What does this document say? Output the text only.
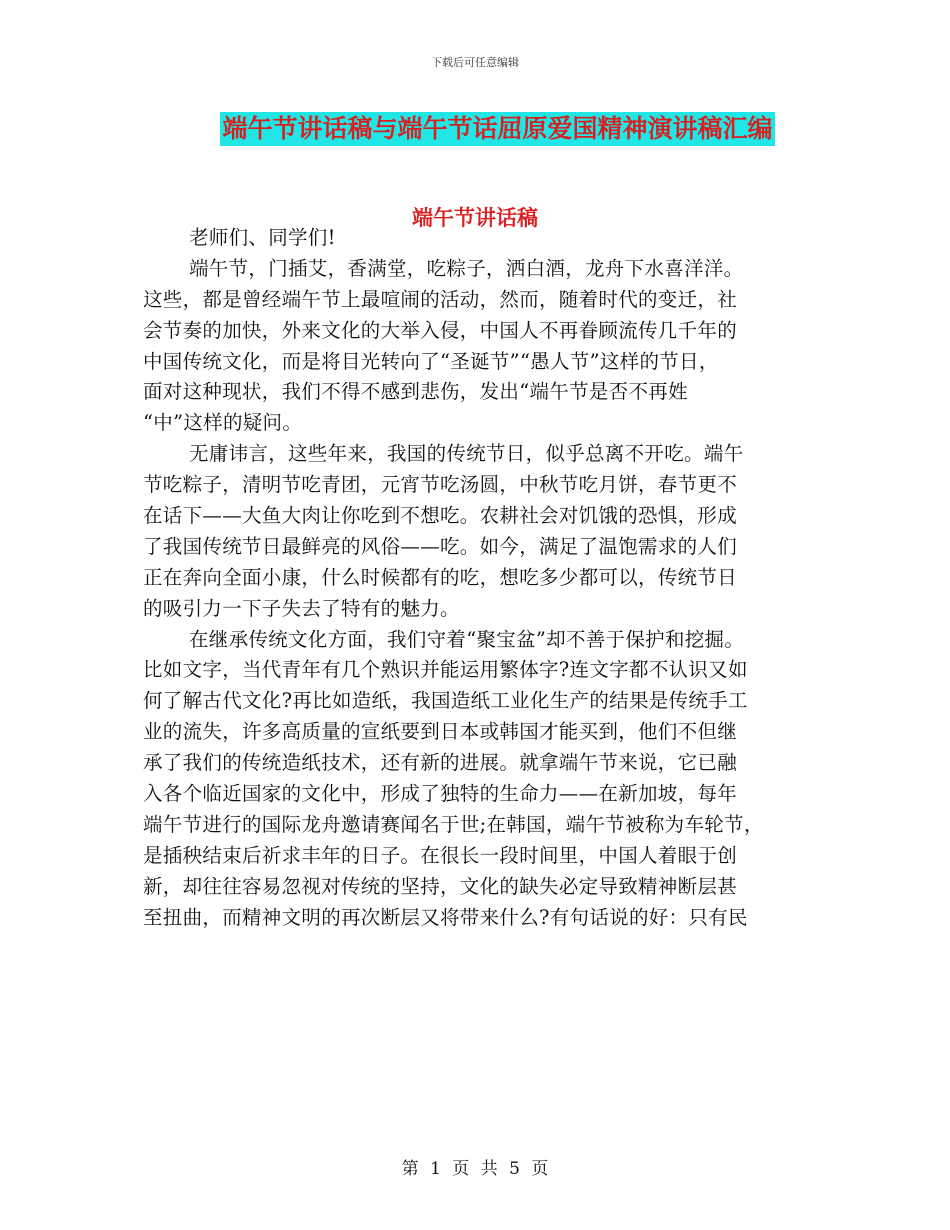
下载后可任意编辑
端午节讲话稿与端午节话屈原爱国精神演讲稿汇编
端午节讲话稿
老师们、同学们!
端午节，门插艾，香满堂，吃粽子，洒白酒，龙舟下水喜洋洋。
这些，都是曾经端午节上最喧闹的活动，然而，随着时代的变迁，社
会节奏的加快，外来文化的大举入侵，中国人不再眷顾流传几千年的
中国传统文化，而是将目光转向了“圣诞节”“愚人节”这样的节日，
面对这种现状，我们不得不感到悲伤，发出“端午节是否不再姓
“中”这样的疑问。
无庸讳言，这些年来，我国的传统节日，似乎总离不开吃。端午
节吃粽子，清明节吃青团，元宵节吃汤圆，中秋节吃月饼，春节更不
在话下——大鱼大肉让你吃到不想吃。农耕社会对饥饿的恐惧，形成
了我国传统节日最鲜亮的风俗——吃。如今，满足了温饱需求的人们
正在奔向全面小康，什么时候都有的吃，想吃多少都可以，传统节日
的吸引力一下子失去了特有的魅力。
在继承传统文化方面，我们守着“聚宝盆”却不善于保护和挖掘。
比如文字，当代青年有几个熟识并能运用繁体字?连文字都不认识又如
何了解古代文化?再比如造纸，我国造纸工业化生产的结果是传统手工
业的流失，许多高质量的宣纸要到日本或韩国才能买到，他们不但继
承了我们的传统造纸技术，还有新的进展。就拿端午节来说，它已融
入各个临近国家的文化中，形成了独特的生命力——在新加坡，每年
端午节进行的国际龙舟邀请赛闻名于世;在韩国，端午节被称为车轮节，
是插秧结束后祈求丰年的日子。在很长一段时间里，中国人着眼于创
新，却往往容易忽视对传统的坚持，文化的缺失必定导致精神断层甚
至扭曲，而精神文明的再次断层又将带来什么?有句话说的好：只有民
第 1 页 共 5 页
